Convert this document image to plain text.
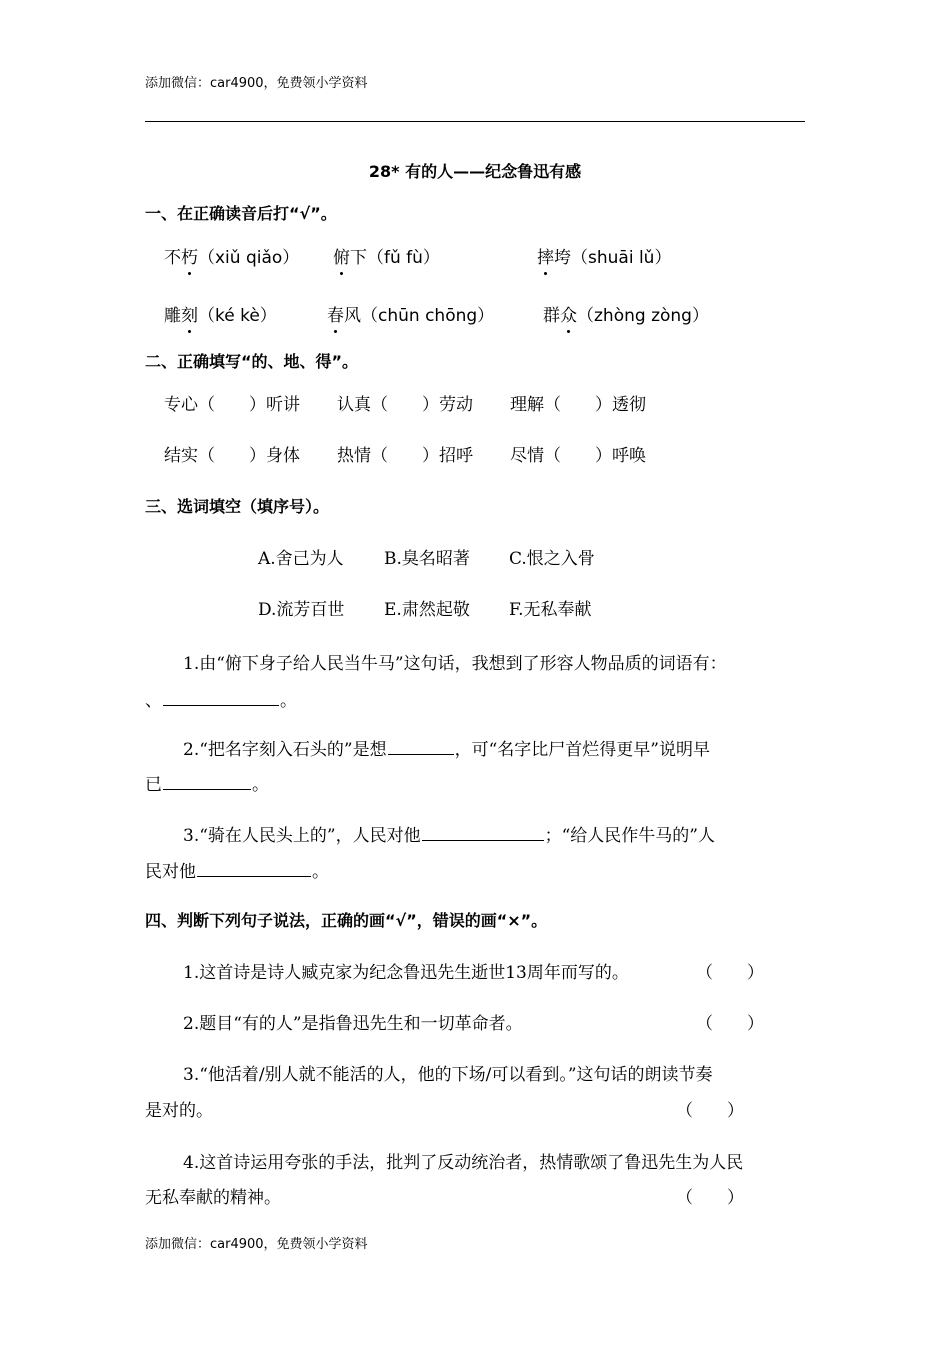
添加微信：car4900，免费领小学资料
28* 有的人——纪念鲁迅有感
一、在正确读音后打“√”。
不朽（xiǔ qiǎo） 俯下（fǔ fù）	摔垮（shuāi lǔ）
雕刻（ké kè）	春风（chūn chōng）	群众（zhòng zòng）
二、正确填写“的、地、得”。
专心（　　）听讲 认真（　　）劳动 理解（　　）透彻
结实（　　）身体 热情（　　）招呼 尽情（　　）呼唤
三、选词填空（填序号）。
A.舍己为人 B.臭名昭著 C.恨之入骨
D.流芳百世 E.肃然起敬 F.无私奉献
1.由“俯下身子给人民当牛马”这句话，我想到了形容人物品质的词语有：
、	。
2.“把名字刻入石头的”是想	，可“名字比尸首烂得更早”说明早
已	。
3.“骑在人民头上的”，人民对他	；“给人民作牛马的”人
民对他	。
四、判断下列句子说法，正确的画“√”，错误的画“×”。
1.这首诗是诗人臧克家为纪念鲁迅先生逝世13周年而写的。	（　　）
2.题目“有的人”是指鲁迅先生和一切革命者。	（　　）
3.“他活着/别人就不能活的人，他的下场/可以看到。”这句话的朗读节奏
是对的。	（　　）
4.这首诗运用夸张的手法，批判了反动统治者，热情歌颂了鲁迅先生为人民
无私奉献的精神。	（　　）
添加微信：car4900，免费领小学资料
